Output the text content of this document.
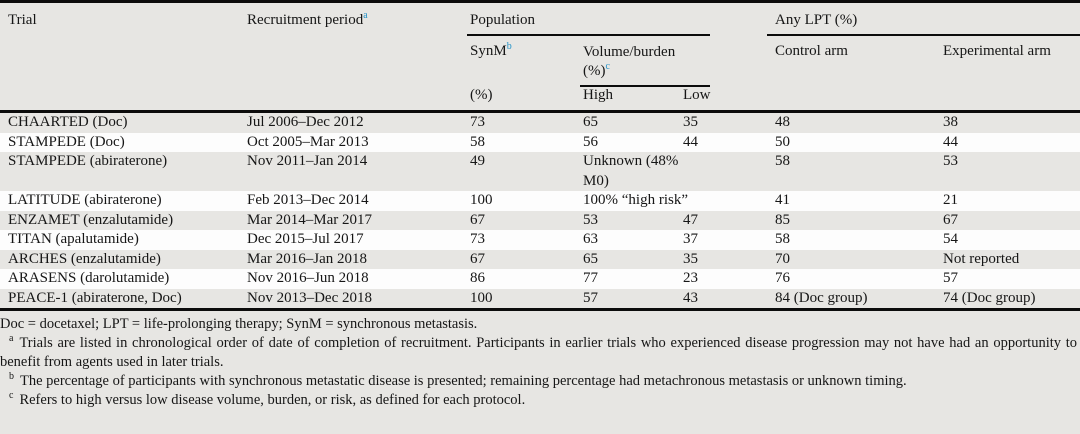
Trial	Recruitment period$^a$	Population				Any LPT (%)	
		SynM$^b$	Volume/burden (%)$^c$			Control arm	Experimental arm
		(%)	High	Low			
CHAARTED (Doc)	Jul 2006–Dec 2012	73	65	35		48	38
STAMPEDE (Doc)	Oct 2005–Mar 2013	58	56	44		50	44
STAMPEDE (abiraterone)	Nov 2011–Jan 2014	49	Unknown (48% M0)			58	53
LATITUDE (abiraterone)	Feb 2013–Dec 2014	100	100% “high risk”			41	21
ENZAMET (enzalutamide)	Mar 2014–Mar 2017	67	53	47		85	67
TITAN (apalutamide)	Dec 2015–Jul 2017	73	63	37		58	54
ARCHES (enzalutamide)	Mar 2016–Jan 2018	67	65	35		70	Not reported
ARASENS (darolutamide)	Nov 2016–Jun 2018	86	77	23		76	57
PEACE-1 (abiraterone, Doc)	Nov 2013–Dec 2018	100	57	43		84 (Doc group)	74 (Doc group)

Doc = docetaxel; LPT = life-prolonging therapy; SynM = synchronous metastasis.

$^a$ Trials are listed in chronological order of date of completion of recruitment. Participants in earlier trials who experienced disease progression may not have had an opportunity to benefit from agents used in later trials.

$^b$ The percentage of participants with synchronous metastatic disease is presented; remaining percentage had metachronous metastasis or unknown timing.

$^c$ Refers to high versus low disease volume, burden, or risk, as defined for each protocol.
